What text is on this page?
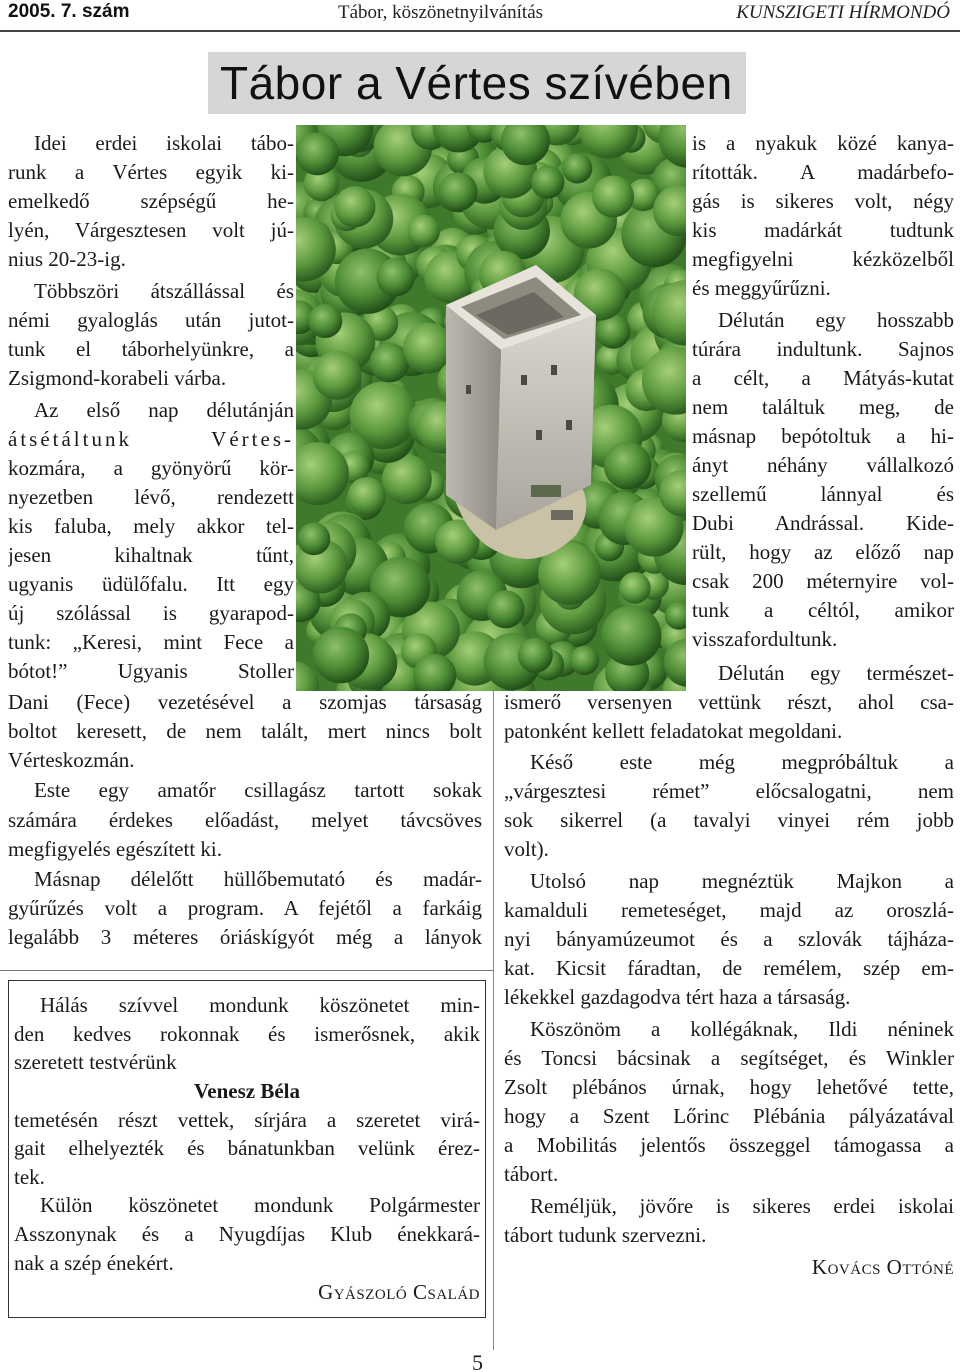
2005. 7. szám	Tábor, köszönetnyilvánítás	KUNSZIGETI HÍRMONDÓ
Tábor a Vértes szívében
Idei erdei iskolai tábo-
runk a Vértes egyik ki-
emelkedő szépségű he-
lyén, Várgesztesen volt jú-
nius 20-23-ig.
Többszöri átszállással és
némi gyaloglás után jutot-
tunk el táborhelyünkre, a
Zsigmond-korabeli várba.
Az első nap délutánján
átsétáltunk Vértes-
kozmára, a gyönyörű kör-
nyezetben lévő, rendezett
kis faluba, mely akkor tel-
jesen kihaltnak tűnt,
ugyanis üdülőfalu. Itt egy
új szólással is gyarapod-
tunk: „Keresi, mint Fece a
bótot!” Ugyanis Stoller
Dani (Fece) vezetésével a szomjas társaság
boltot keresett, de nem talált, mert nincs bolt
Vérteskozmán.
Este egy amatőr csillagász tartott sokak
számára érdekes előadást, melyet távcsöves
megfigyelés egészített ki.
Másnap délelőtt hüllőbemutató és madár-
gyűrűzés volt a program. A fejétől a farkáig
legalább 3 méteres óriáskígyót még a lányok
is a nyakuk közé kanya-
rították. A madárbefo-
gás is sikeres volt, négy
kis madárkát tudtunk
megfigyelni kézközelből
és meggyűrűzni.
Délután egy hosszabb
túrára indultunk. Sajnos
a célt, a Mátyás-kutat
nem találtuk meg, de
másnap bepótoltuk a hi-
ányt néhány vállalkozó
szellemű lánnyal és
Dubi Andrással. Kide-
rült, hogy az előző nap
csak 200 méternyire vol-
tunk a céltól, amikor
visszafordultunk.
Délután egy természet-
ismerő versenyen vettünk részt, ahol csa-
patonként kellett feladatokat megoldani.
Késő este még megpróbáltuk a
„várgesztesi rémet” előcsalogatni, nem
sok sikerrel (a tavalyi vinyei rém jobb
volt).
Utolsó nap megnéztük Majkon a
kamalduli remeteséget, majd az oroszlá-
nyi bányamúzeumot és a szlovák tájháza-
kat. Kicsit fáradtan, de remélem, szép em-
lékekkel gazdagodva tért haza a társaság.
Köszönöm a kollégáknak, Ildi néninek
és Toncsi bácsinak a segítséget, és Winkler
Zsolt plébános úrnak, hogy lehetővé tette,
hogy a Szent Lőrinc Plébánia pályázatával
a Mobilitás jelentős összeggel támogassa a
tábort.
Reméljük, jövőre is sikeres erdei iskolai
tábort tudunk szervezni.
Kovács Ottóné
Hálás szívvel mondunk köszönetet min-
den kedves rokonnak és ismerősnek, akik
szeretett testvérünk
Venesz Béla
temetésén részt vettek, sírjára a szeretet virá-
gait elhelyezték és bánatunkban velünk érez-
tek.
Külön köszönetet mondunk Polgármester
Asszonynak és a Nyugdíjas Klub énekkará-
nak a szép énekért.
Gyászoló Család
5
